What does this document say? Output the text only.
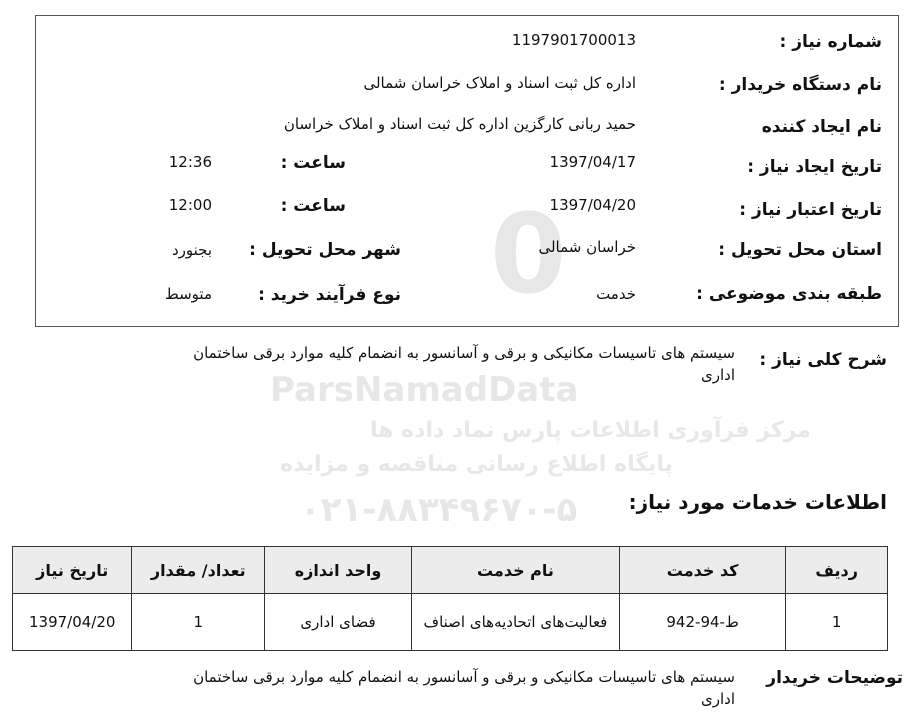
0
ParsNamadData
مرکز فرآوری اطلاعات پارس نماد داده ها
پایگاه اطلاع رسانی مناقصه و مزایده
۰۲۱-۸۸۳۴۹۶۷۰-۵
شماره نیاز :
1197901700013
نام دستگاه خریدار :
اداره کل ثبت اسناد و املاک خراسان شمالی
نام ایجاد کننده
حمید ربانی کارگزین اداره کل ثبت اسناد و املاک خراسان
تاریخ ایجاد نیاز :
1397/04/17
ساعت :
12:36
تاریخ اعتبار نیاز :
1397/04/20
ساعت :
12:00
استان محل تحویل :
خراسان شمالی
شهر محل تحویل :
بجنورد
طبقه بندی موضوعی :
خدمت
نوع فرآیند خرید :
متوسط
شرح کلی نیاز :
سیستم های تاسیسات مکانیکی و برقی و آسانسور به انضمام کلیه موارد برقی ساختمان
اداری
اطلاعات خدمات مورد نیاز:
ردیف	کد خدمت	نام خدمت	واحد اندازه	تعداد/ مقدار	تاریخ نیاز
1	ط-94-942	فعالیت‌های اتحادیه‌های اصناف	فضای اداری	1	1397/04/20
توضیحات خریدار
سیستم های تاسیسات مکانیکی و برقی و آسانسور به انضمام کلیه موارد برقی ساختمان
اداری
